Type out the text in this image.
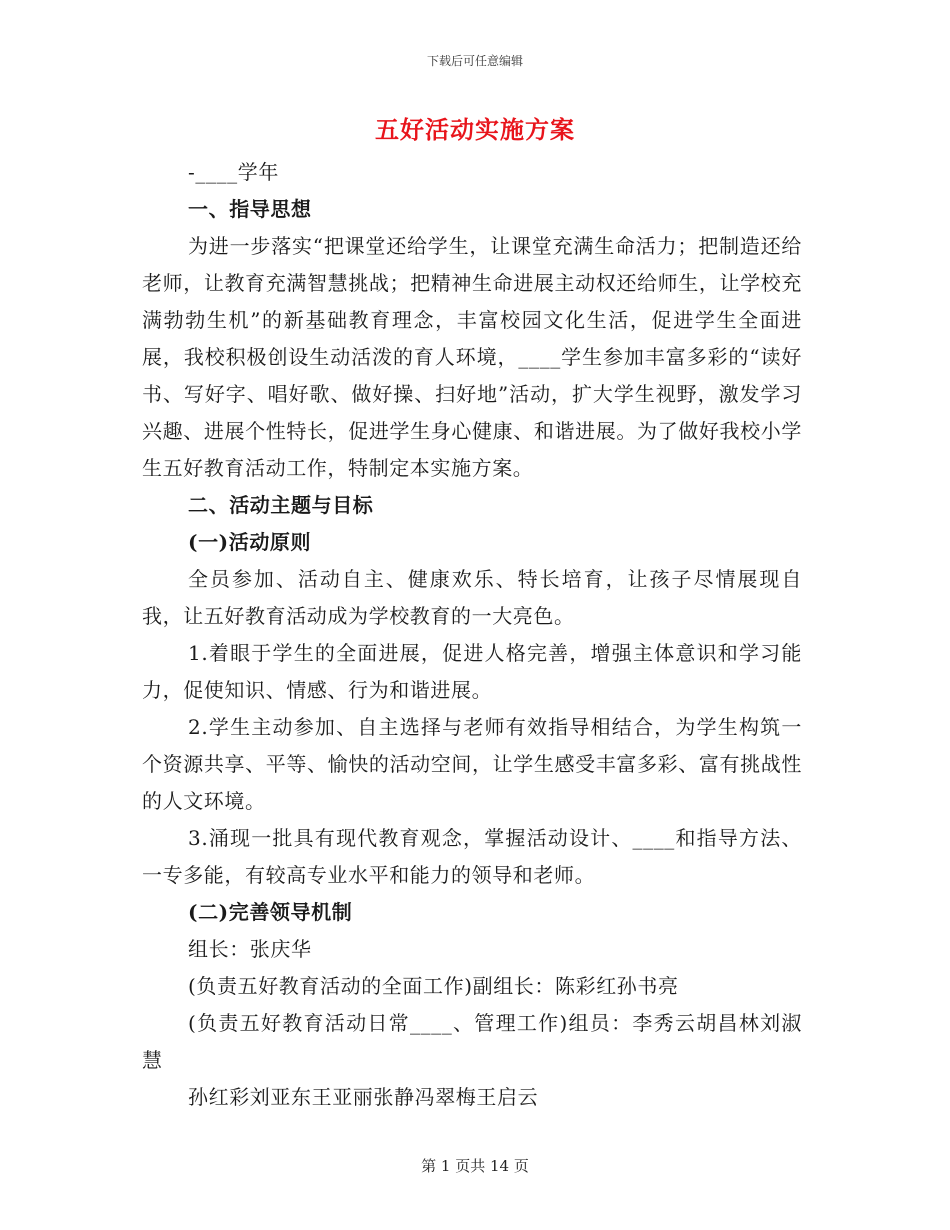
下载后可任意编辑
五好活动实施方案

-____学年

一、指导思想

为进一步落实“把课堂还给学生，让课堂充满生命活力；把制造还给老师，让教育充满智慧挑战；把精神生命进展主动权还给师生，让学校充满勃勃生机”的新基础教育理念，丰富校园文化生活，促进学生全面进展，我校积极创设生动活泼的育人环境，____学生参加丰富多彩的“读好书、写好字、唱好歌、做好操、扫好地”活动，扩大学生视野，激发学习兴趣、进展个性特长，促进学生身心健康、和谐进展。为了做好我校小学生五好教育活动工作，特制定本实施方案。

二、活动主题与目标

(一)活动原则

全员参加、活动自主、健康欢乐、特长培育，让孩子尽情展现自我，让五好教育活动成为学校教育的一大亮色。

1.着眼于学生的全面进展，促进人格完善，增强主体意识和学习能力，促使知识、情感、行为和谐进展。

2.学生主动参加、自主选择与老师有效指导相结合，为学生构筑一个资源共享、平等、愉快的活动空间，让学生感受丰富多彩、富有挑战性的人文环境。

3.涌现一批具有现代教育观念，掌握活动设计、____和指导方法、一专多能，有较高专业水平和能力的领导和老师。

(二)完善领导机制

组长：张庆华

(负责五好教育活动的全面工作)副组长：陈彩红孙书亮

(负责五好教育活动日常____、管理工作)组员：李秀云胡昌林刘淑慧

孙红彩刘亚东王亚丽张静冯翠梅王启云

第 1 页共 14 页
